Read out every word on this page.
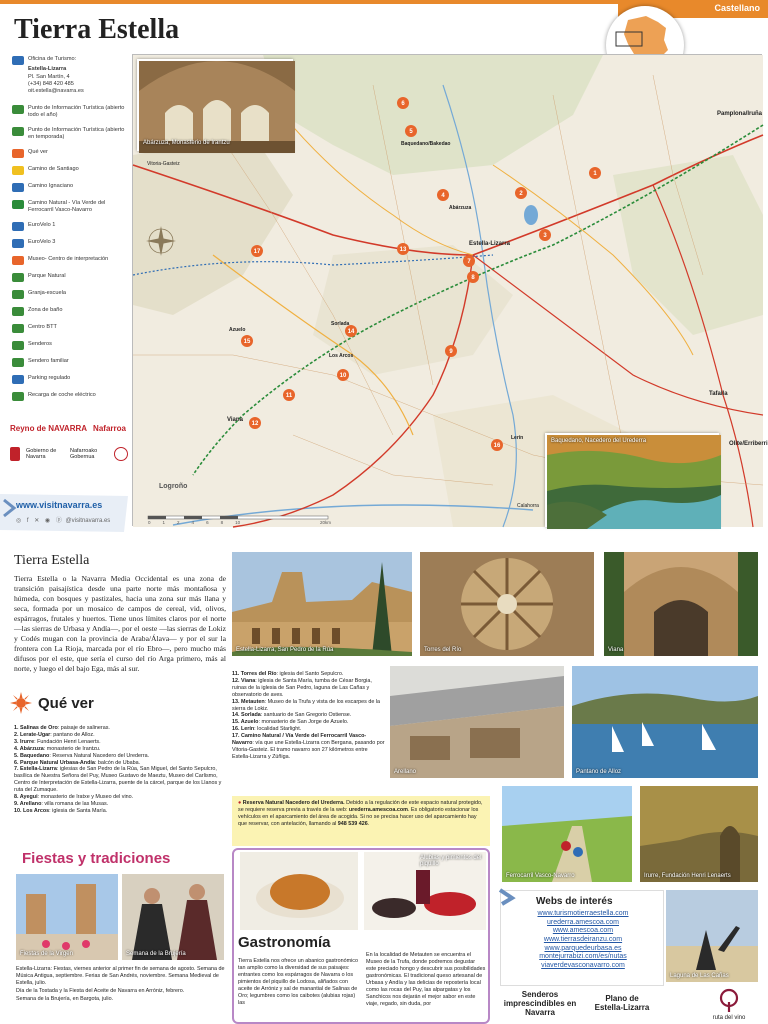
Castellano
Tierra Estella
Oficina de Turismo:
Estella-Lizarra
Pl. San Martín, 4
(+34) 848 420 485
oit.estella@navarra.es
Punto de Información Turística (abierto todo el año)
Punto de Información Turística (abierto en temporada)
Qué ver
Camino de Santiago
Camino Ignaciano
Camino Natural - Vía Verde del Ferrocarril Vasco-Navarro
EuroVelo 1
EuroVelo 3
Museo- Centro de interpretación
Parque Natural
Granja-escuela
Zona de baño
Centro BTT
Senderos
Sendero familiar
Parking regulado
Recarga de coche eléctrico
1
2
3
4
5
6
7
8
9
10
11
12
13
14
15
16
17
Estella-Lizarra
Pamplona/Iruña
Tafalla
Olite/Erriberri
Viana
Logroño
Los Arcos
Sorlada
Azuelo
Calahorra
Lerín
Vitoria-Gasteiz
Abárzuza
Baquedano/Bakedao
Abárzuza, Monasterio de Irantzu
Baquedano, Nacedero del Urederra
0	1	2	4	6	8	10	20km
Reyno de NAVARRA Nafarroa
Gobierno de Navarra
Nafarroako Gobernua
www.visitnavarra.es
◎ f ✕ ◉ ⓟ @visitnavarra.es
Tierra Estella
Tierra Estella o la Navarra Media Occidental es una zona de transición paisajística desde una parte norte más montañosa y húmeda, con bosques y pastizales, hacia una zona sur más llana y seca, formada por un mosaico de campos de cereal, vid, olivos, espárragos, frutales y huertos. Tiene unos límites claros por el norte —las sierras de Urbasa y Andía—, por el oeste —las sierras de Lokiz y Codés mugan con la provincia de Araba/Álava— y por el sur la frontera con La Rioja, marcada por el río Ebro—, pero mucho más difusos por el este, que sería el curso del río Arga primero, más al norte, y luego el del bajo Ega, más al sur.
Estella-Lizarra, San Pedro de la Rúa	Torres del Río	Viana
Arellano	Pantano de Alloz
Qué ver
1. Salinas de Oro: paisaje de salineras.
2. Lerate-Ugar: pantano de Alloz.
3. Irurre: Fundación Henri Lenaerts.
4. Abárzuza: monasterio de Irantzu.
5. Baquedano: Reserva Natural Nacedero del Urederra.
6. Parque Natural Urbasa-Andía: balcón de Ubaba.
7. Estella-Lizarra: iglesias de San Pedro de la Rúa, San Miguel, del Santo Sepulcro, basílica de Nuestra Señora del Puy, Museo Gustavo de Maeztu, Museo del Carlismo, Centro de Interpretación de Estella-Lizarra, puente de la cárcel, parque de los Llanos y ruta del Zumaque.
8. Ayegui: monasterio de Iratxe y Museo del vino.
9. Arellano: villa romana de las Musas.
10. Los Arcos: iglesia de Santa María.
11. Torres del Río: iglesia del Santo Sepulcro.
12. Viana: iglesia de Santa María, tumba de César Borgia, ruinas de la iglesia de San Pedro, laguna de Las Cañas y observatorio de aves.
13. Metauten: Museo de la Trufa y vista de los escarpes de la sierra de Lokiz.
14. Sorlada: santuario de San Gregorio Ostiense.
15. Azuelo: monasterio de San Jorge de Azuelo.
16. Lerín: localidad Starlight.
17. Camino Natural / Vía Verde del Ferrocarril Vasco-Navarro: vía que une Estella-Lizarra con Bergana, pasando por Vitoria-Gasteiz. El tramo navarro son 27 kilómetros entre Estella-Lizarra y Zúñiga.
● Reserva Natural Nacedero del Urederra. Debido a la regulación de este espacio natural protegido, se requiere reserva previa a través de la web: urederra.amescoa.com. Es obligatorio estacionar los vehículos en el aparcamiento del área de acogida. Si no se precisa hacer uso del aparcamiento hay que reservar, con antelación, llamando al 948 539 426.
Ferrocarril Vasco-Navarro	Irurre, Fundación Henri Lenaerts
Fiestas y tradiciones
Fiestas de la Virgen	Semana de la Brujería
Estella-Lizarra: Fiestas, viernes anterior al primer fin de semana de agosto. Semana de Música Antigua, septiembre. Ferias de San Andrés, noviembre. Semana Medieval de Estella, julio.
Día de la Tostada y la Fiesta del Aceite de Navarra en Arróniz, febrero.
Semana de la Brujería, en Bargota, julio.
Alubias y pimientos del piquillo
Gastronomía
Tierra Estella nos ofrece un abanico gastronómico tan amplio como la diversidad de sus paisajes: entrantes como los espárragos de Navarra o los pimientos del piquillo de Lodosa, aliñados con aceite de Arróniz y sal de manantial de Salinas de Oro; legumbres como los caibotes (alubias rojas) las
En la localidad de Metauten se encuentra el Museo de la Trufa, donde podremos degustar este preciado hongo y descubrir sus posibilidades gastronómicas. El tradicional queso artesanal de Urbasa y Andía y las delicias de repostería local como las rocas del Puy, las alpargatas y los Sanchicos nos dejarán el mejor sabor en este viaje, regado, sin duda, por
Webs de interés
www.turismotierraestella.com
urederra.amescoa.com
www.amescoa.com
www.tierrasdeiranzu.com
www.parquedeurbasa.es
montejurrabizi.com/es/nutas
viaverdevasconavarro.com
Laguna de Las Cañas
Senderos imprescindibles en Navarra
Plano de Estella-Lizarra
ruta del vino
